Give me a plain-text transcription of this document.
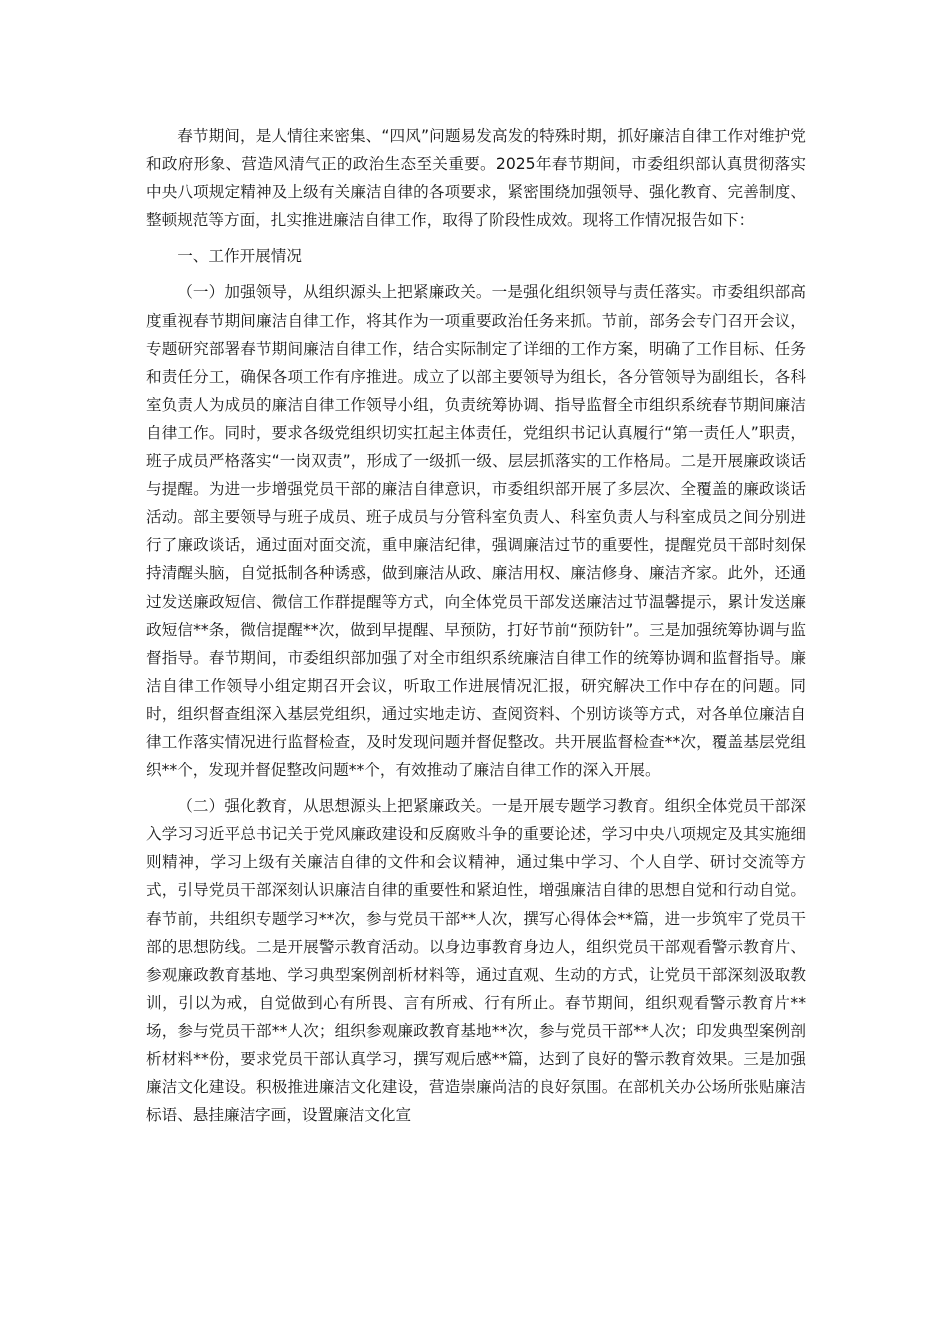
春节期间，是人情往来密集、“四风”问题易发高发的特殊时期，抓好廉洁自律工作对维护党和政府形象、营造风清气正的政治生态至关重要。2025年春节期间，市委组织部认真贯彻落实中央八项规定精神及上级有关廉洁自律的各项要求，紧密围绕加强领导、强化教育、完善制度、整顿规范等方面，扎实推进廉洁自律工作，取得了阶段性成效。现将工作情况报告如下：

一、工作开展情况

（一）加强领导，从组织源头上把紧廉政关。一是强化组织领导与责任落实。市委组织部高度重视春节期间廉洁自律工作，将其作为一项重要政治任务来抓。节前，部务会专门召开会议，专题研究部署春节期间廉洁自律工作，结合实际制定了详细的工作方案，明确了工作目标、任务和责任分工，确保各项工作有序推进。成立了以部主要领导为组长，各分管领导为副组长，各科室负责人为成员的廉洁自律工作领导小组，负责统筹协调、指导监督全市组织系统春节期间廉洁自律工作。同时，要求各级党组织切实扛起主体责任，党组织书记认真履行“第一责任人”职责，班子成员严格落实“一岗双责”，形成了一级抓一级、层层抓落实的工作格局。二是开展廉政谈话与提醒。为进一步增强党员干部的廉洁自律意识，市委组织部开展了多层次、全覆盖的廉政谈话活动。部主要领导与班子成员、班子成员与分管科室负责人、科室负责人与科室成员之间分别进行了廉政谈话，通过面对面交流，重申廉洁纪律，强调廉洁过节的重要性，提醒党员干部时刻保持清醒头脑，自觉抵制各种诱惑，做到廉洁从政、廉洁用权、廉洁修身、廉洁齐家。此外，还通过发送廉政短信、微信工作群提醒等方式，向全体党员干部发送廉洁过节温馨提示，累计发送廉政短信**条，微信提醒**次，做到早提醒、早预防，打好节前“预防针”。三是加强统筹协调与监督指导。春节期间，市委组织部加强了对全市组织系统廉洁自律工作的统筹协调和监督指导。廉洁自律工作领导小组定期召开会议，听取工作进展情况汇报，研究解决工作中存在的问题。同时，组织督查组深入基层党组织，通过实地走访、查阅资料、个别访谈等方式，对各单位廉洁自律工作落实情况进行监督检查，及时发现问题并督促整改。共开展监督检查**次，覆盖基层党组织**个，发现并督促整改问题**个，有效推动了廉洁自律工作的深入开展。

（二）强化教育，从思想源头上把紧廉政关。一是开展专题学习教育。组织全体党员干部深入学习习近平总书记关于党风廉政建设和反腐败斗争的重要论述，学习中央八项规定及其实施细则精神，学习上级有关廉洁自律的文件和会议精神，通过集中学习、个人自学、研讨交流等方式，引导党员干部深刻认识廉洁自律的重要性和紧迫性，增强廉洁自律的思想自觉和行动自觉。春节前，共组织专题学习**次，参与党员干部**人次，撰写心得体会**篇，进一步筑牢了党员干部的思想防线。二是开展警示教育活动。以身边事教育身边人，组织党员干部观看警示教育片、参观廉政教育基地、学习典型案例剖析材料等，通过直观、生动的方式，让党员干部深刻汲取教训，引以为戒，自觉做到心有所畏、言有所戒、行有所止。春节期间，组织观看警示教育片**场，参与党员干部**人次；组织参观廉政教育基地**次，参与党员干部**人次；印发典型案例剖析材料**份，要求党员干部认真学习，撰写观后感**篇，达到了良好的警示教育效果。三是加强廉洁文化建设。积极推进廉洁文化建设，营造崇廉尚洁的良好氛围。在部机关办公场所张贴廉洁标语、悬挂廉洁字画，设置廉洁文化宣
